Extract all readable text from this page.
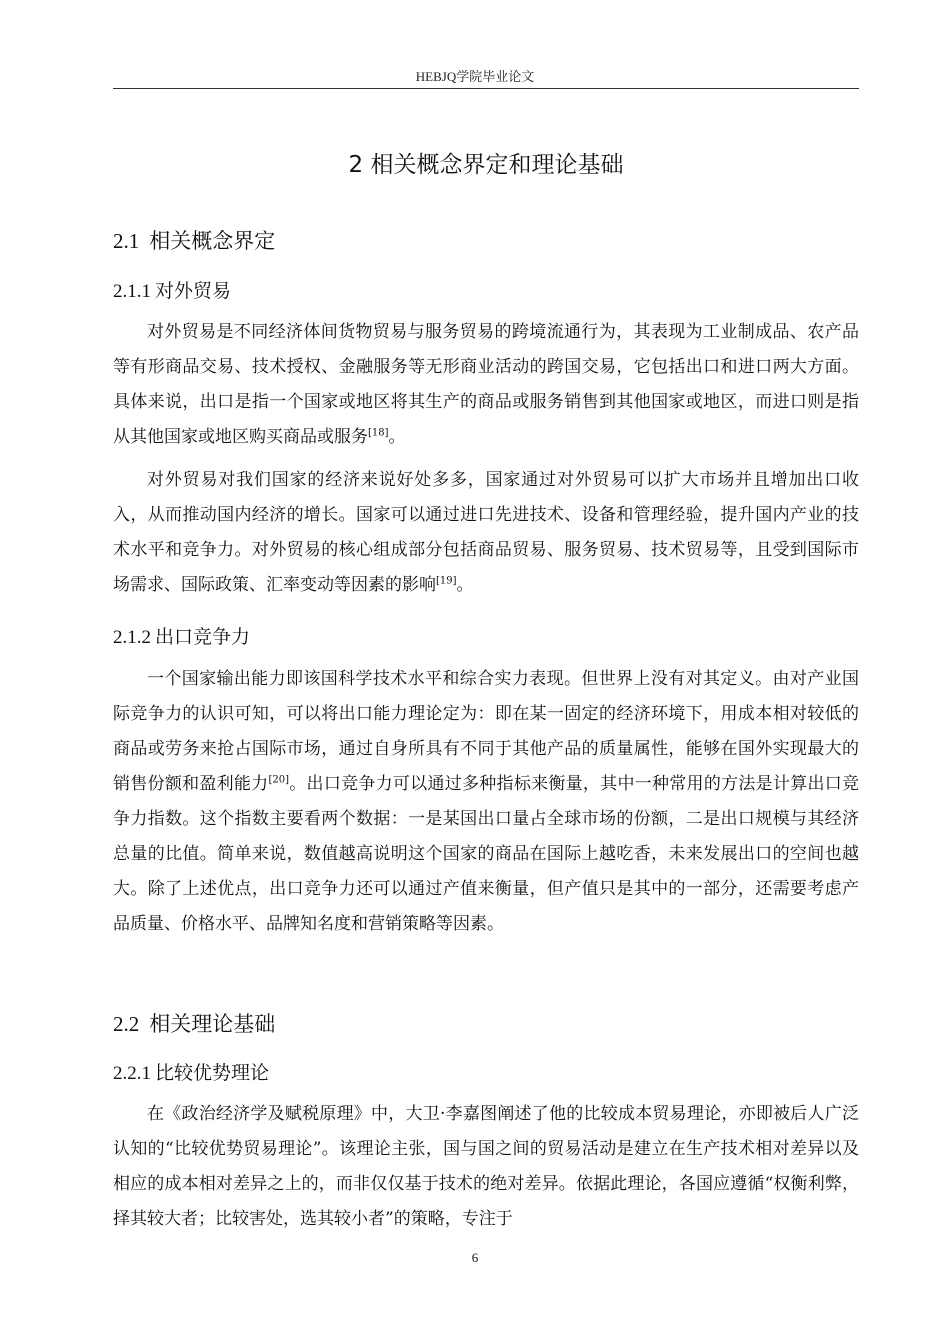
HEBJQ学院毕业论文
2 相关概念界定和理论基础
2.1 相关概念界定
2.1.1 对外贸易

对外贸易是不同经济体间货物贸易与服务贸易的跨境流通行为，其表现为工业制成品、农产品等有形商品交易、技术授权、金融服务等无形商业活动的跨国交易，它包括出口和进口两大方面。具体来说，出口是指一个国家或地区将其生产的商品或服务销售到其他国家或地区，而进口则是指从其他国家或地区购买商品或服务[18]。

对外贸易对我们国家的经济来说好处多多，国家通过对外贸易可以扩大市场并且增加出口收入，从而推动国内经济的增长。国家可以通过进口先进技术、设备和管理经验，提升国内产业的技术水平和竞争力。对外贸易的核心组成部分包括商品贸易、服务贸易、技术贸易等，且受到国际市场需求、国际政策、汇率变动等因素的影响[19]。

2.1.2 出口竞争力

一个国家输出能力即该国科学技术水平和综合实力表现。但世界上没有对其定义。由对产业国际竞争力的认识可知，可以将出口能力理论定为：即在某一固定的经济环境下，用成本相对较低的商品或劳务来抢占国际市场，通过自身所具有不同于其他产品的质量属性，能够在国外实现最大的销售份额和盈利能力[20]。出口竞争力可以通过多种指标来衡量，其中一种常用的方法是计算出口竞争力指数。这个指数主要看两个数据：一是某国出口量占全球市场的份额，二是出口规模与其经济总量的比值。简单来说，数值越高说明这个国家的商品在国际上越吃香，未来发展出口的空间也越大。除了上述优点，出口竞争力还可以通过产值来衡量，但产值只是其中的一部分，还需要考虑产品质量、价格水平、品牌知名度和营销策略等因素。

2.2 相关理论基础
2.2.1 比较优势理论

在《政治经济学及赋税原理》中，大卫·李嘉图阐述了他的比较成本贸易理论，亦即被后人广泛认知的“比较优势贸易理论”。该理论主张，国与国之间的贸易活动是建立在生产技术相对差异以及相应的成本相对差异之上的，而非仅仅基于技术的绝对差异。依据此理论，各国应遵循“权衡利弊，择其较大者；比较害处，选其较小者”的策略，专注于

6
